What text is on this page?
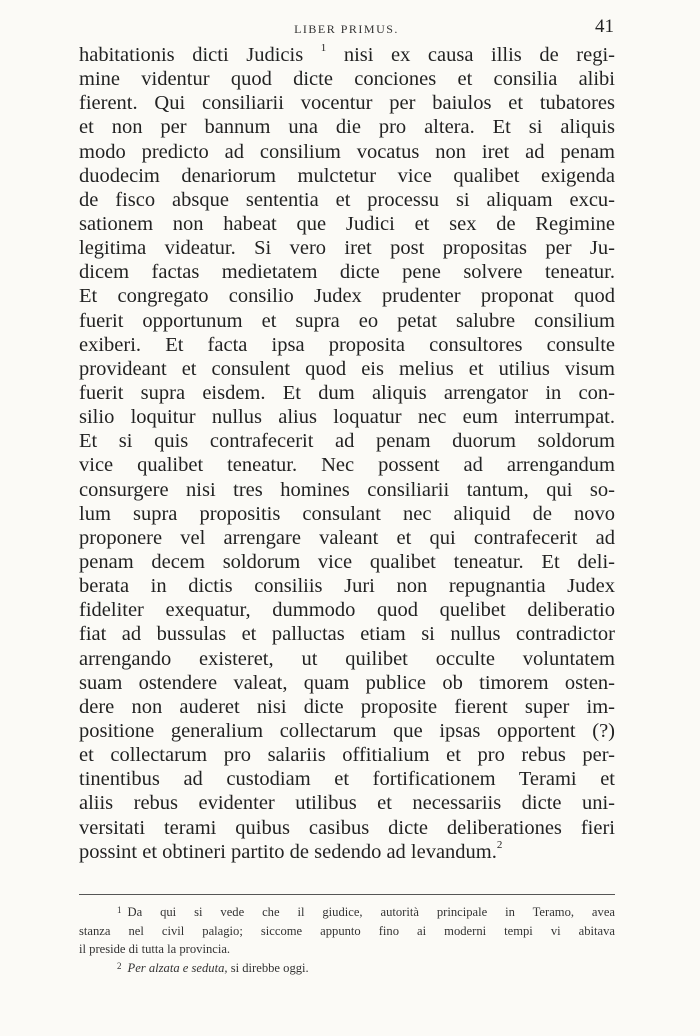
LIBER PRIMUS.	41
habitationis dicti Judicis $^1$ nisi ex causa illis de regi-
mine videntur quod dicte conciones et consilia alibi
fierent. Qui consiliarii vocentur per baiulos et tubatores
et non per bannum una die pro altera. Et si aliquis
modo predicto ad consilium vocatus non iret ad penam
duodecim denariorum mulctetur vice qualibet exigenda
de fisco absque sententia et processu si aliquam excu-
sationem non habeat que Judici et sex de Regimine
legitima videatur. Si vero iret post propositas per Ju-
dicem factas medietatem dicte pene solvere teneatur.
Et congregato consilio Judex prudenter proponat quod
fuerit opportunum et supra eo petat salubre consilium
exiberi. Et facta ipsa proposita consultores consulte
provideant et consulent quod eis melius et utilius visum
fuerit supra eisdem. Et dum aliquis arrengator in con-
silio loquitur nullus alius loquatur nec eum interrumpat.
Et si quis contrafecerit ad penam duorum soldorum
vice qualibet teneatur. Nec possent ad arrengandum
consurgere nisi tres homines consiliarii tantum, qui so-
lum supra propositis consulant nec aliquid de novo
proponere vel arrengare valeant et qui contrafecerit ad
penam decem soldorum vice qualibet teneatur. Et deli-
berata in dictis consiliis Juri non repugnantia Judex
fideliter exequatur, dummodo quod quelibet deliberatio
fiat ad bussulas et palluctas etiam si nullus contradictor
arrengando existeret, ut quilibet occulte voluntatem
suam ostendere valeat, quam publice ob timorem osten-
dere non auderet nisi dicte proposite fierent super im-
positione generalium collectarum que ipsas opportent (?)
et collectarum pro salariis offitialium et pro rebus per-
tinentibus ad custodiam et fortificationem Terami et
aliis rebus evidenter utilibus et necessariis dicte uni-
versitati terami quibus casibus dicte deliberationes fieri
possint et obtineri partito de sedendo ad levandum.$^2$
$^1$ Da qui si vede che il giudice, autorità principale in Teramo, avea
stanza nel civil palagio; siccome appunto fino ai moderni tempi vi abitava
il preside di tutta la provincia.
$^2$ Per alzata e seduta, si direbbe oggi.
